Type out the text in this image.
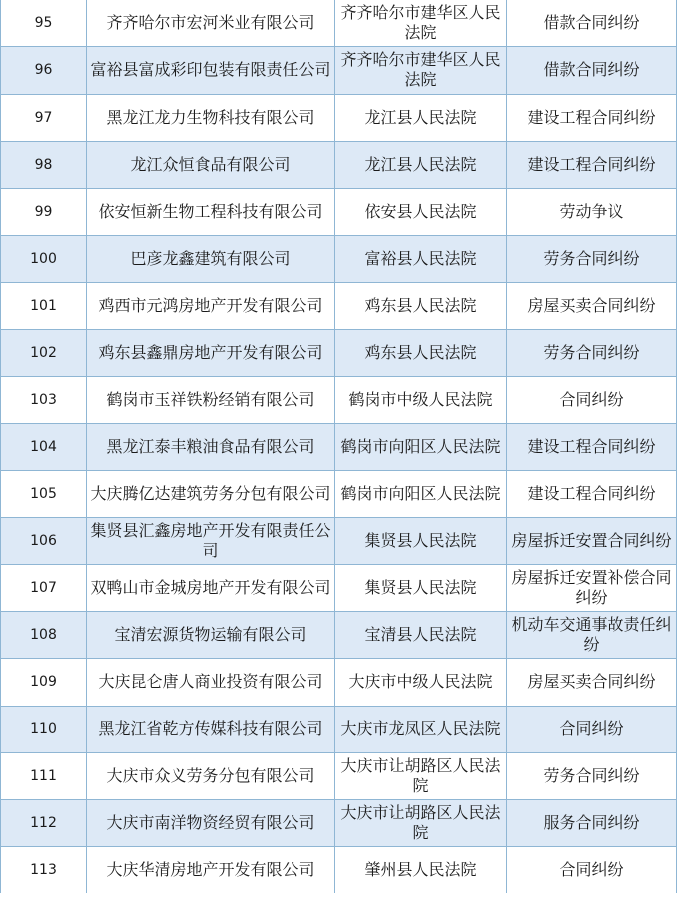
95	齐齐哈尔市宏河米业有限公司	齐齐哈尔市建华区人民法院	借款合同纠纷
96	富裕县富成彩印包装有限责任公司	齐齐哈尔市建华区人民法院	借款合同纠纷
97	黑龙江龙力生物科技有限公司	龙江县人民法院	建设工程合同纠纷
98	龙江众恒食品有限公司	龙江县人民法院	建设工程合同纠纷
99	依安恒新生物工程科技有限公司	依安县人民法院	劳动争议
100	巴彦龙鑫建筑有限公司	富裕县人民法院	劳务合同纠纷
101	鸡西市元鸿房地产开发有限公司	鸡东县人民法院	房屋买卖合同纠纷
102	鸡东县鑫鼎房地产开发有限公司	鸡东县人民法院	劳务合同纠纷
103	鹤岗市玉祥铁粉经销有限公司	鹤岗市中级人民法院	合同纠纷
104	黑龙江泰丰粮油食品有限公司	鹤岗市向阳区人民法院	建设工程合同纠纷
105	大庆腾亿达建筑劳务分包有限公司	鹤岗市向阳区人民法院	建设工程合同纠纷
106	集贤县汇鑫房地产开发有限责任公司	集贤县人民法院	房屋拆迁安置合同纠纷
107	双鸭山市金城房地产开发有限公司	集贤县人民法院	房屋拆迁安置补偿合同纠纷
108	宝清宏源货物运输有限公司	宝清县人民法院	机动车交通事故责任纠纷
109	大庆昆仑唐人商业投资有限公司	大庆市中级人民法院	房屋买卖合同纠纷
110	黑龙江省乾方传媒科技有限公司	大庆市龙凤区人民法院	合同纠纷
111	大庆市众义劳务分包有限公司	大庆市让胡路区人民法院	劳务合同纠纷
112	大庆市南洋物资经贸有限公司	大庆市让胡路区人民法院	服务合同纠纷
113	大庆华清房地产开发有限公司	肇州县人民法院	合同纠纷
